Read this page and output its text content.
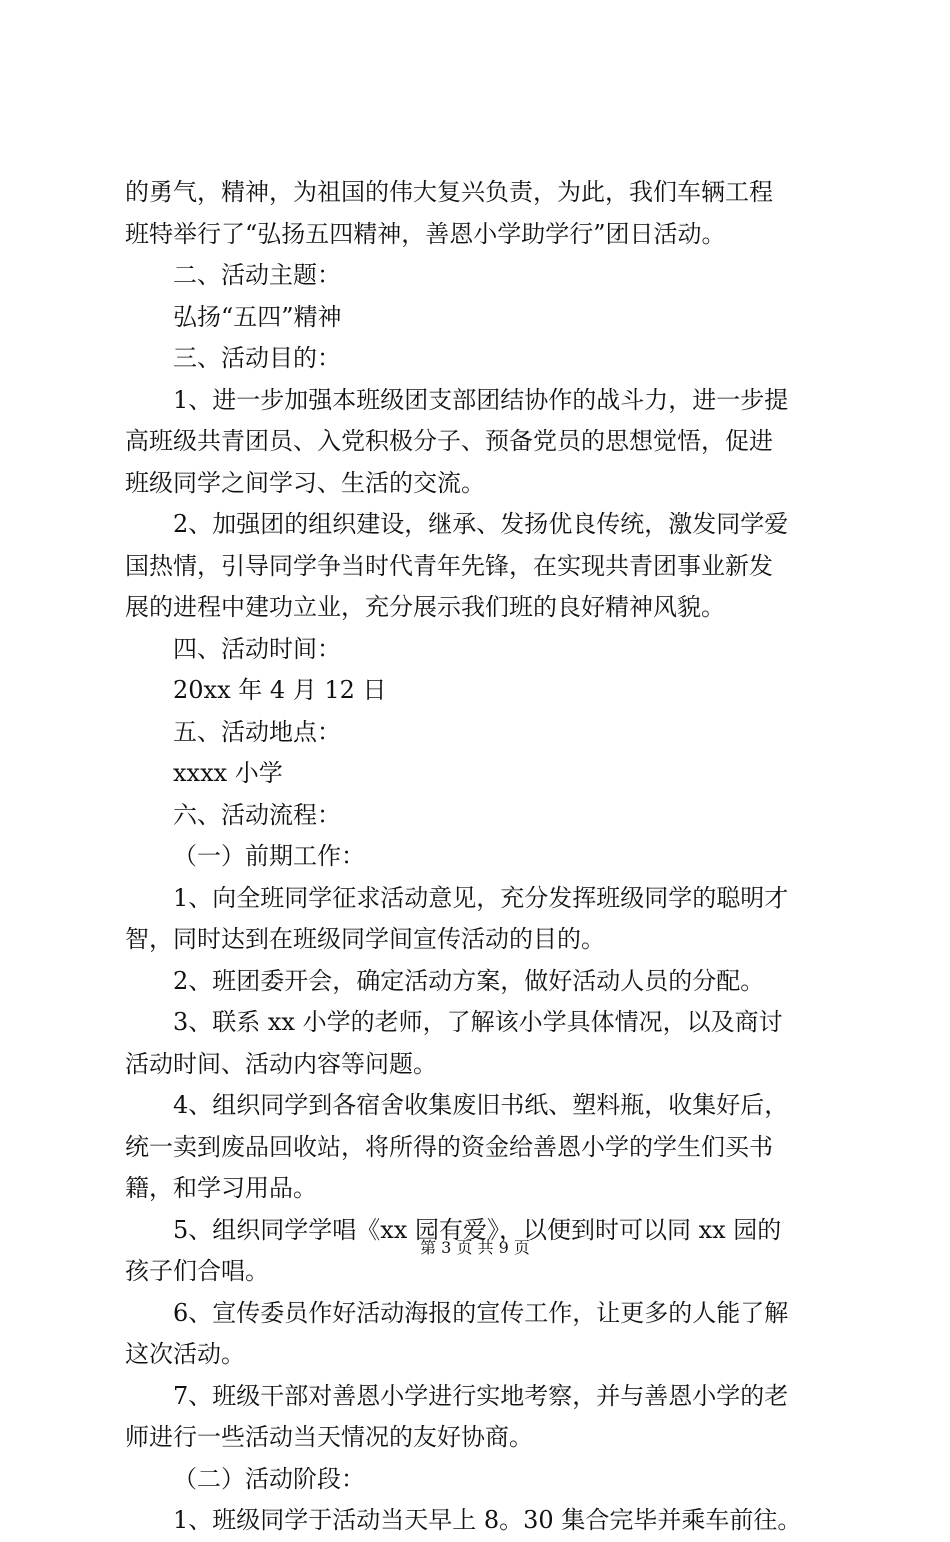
的勇气，精神，为祖国的伟大复兴负责，为此，我们车辆工程
班特举行了“弘扬五四精神，善恩小学助学行”团日活动。
二、活动主题：
弘扬“五四”精神
三、活动目的：
1、进一步加强本班级团支部团结协作的战斗力，进一步提
高班级共青团员、入党积极分子、预备党员的思想觉悟，促进
班级同学之间学习、生活的交流。
2、加强团的组织建设，继承、发扬优良传统，激发同学爱
国热情，引导同学争当时代青年先锋，在实现共青团事业新发
展的进程中建功立业，充分展示我们班的良好精神风貌。
四、活动时间：
20xx 年 4 月 12 日
五、活动地点：
xxxx 小学
六、活动流程：
（一）前期工作：
1、向全班同学征求活动意见，充分发挥班级同学的聪明才
智，同时达到在班级同学间宣传活动的目的。
2、班团委开会，确定活动方案，做好活动人员的分配。
3、联系 xx 小学的老师，了解该小学具体情况，以及商讨
活动时间、活动内容等问题。
4、组织同学到各宿舍收集废旧书纸、塑料瓶，收集好后，
统一卖到废品回收站，将所得的资金给善恩小学的学生们买书
籍，和学习用品。
5、组织同学学唱《xx 园有爱》，以便到时可以同 xx 园的
孩子们合唱。
6、宣传委员作好活动海报的宣传工作，让更多的人能了解
这次活动。
7、班级干部对善恩小学进行实地考察，并与善恩小学的老
师进行一些活动当天情况的友好协商。
（二）活动阶段：
1、班级同学于活动当天早上 8。30 集合完毕并乘车前往。
第 3 页 共 9 页
